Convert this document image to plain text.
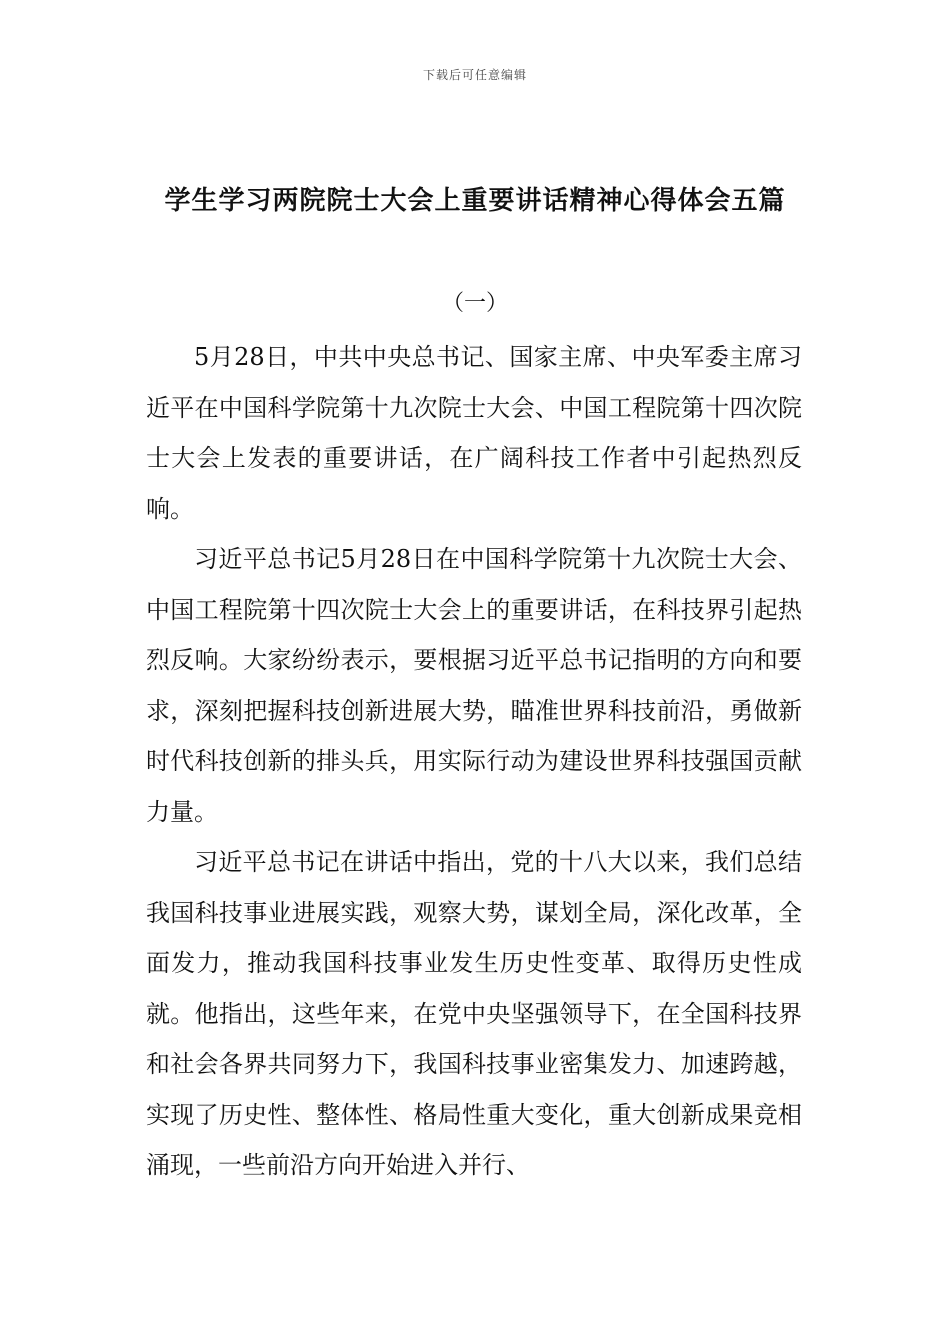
下载后可任意编辑
学生学习两院院士大会上重要讲话精神心得体会五篇
（一）

5月28日，中共中央总书记、国家主席、中央军委主席习近平在中国科学院第十九次院士大会、中国工程院第十四次院士大会上发表的重要讲话，在广阔科技工作者中引起热烈反响。

习近平总书记5月28日在中国科学院第十九次院士大会、中国工程院第十四次院士大会上的重要讲话，在科技界引起热烈反响。大家纷纷表示，要根据习近平总书记指明的方向和要求，深刻把握科技创新进展大势，瞄准世界科技前沿，勇做新时代科技创新的排头兵，用实际行动为建设世界科技强国贡献力量。

习近平总书记在讲话中指出，党的十八大以来，我们总结我国科技事业进展实践，观察大势，谋划全局，深化改革，全面发力，推动我国科技事业发生历史性变革、取得历史性成就。他指出，这些年来，在党中央坚强领导下，在全国科技界和社会各界共同努力下，我国科技事业密集发力、加速跨越，实现了历史性、整体性、格局性重大变化，重大创新成果竞相涌现，一些前沿方向开始进入并行、
